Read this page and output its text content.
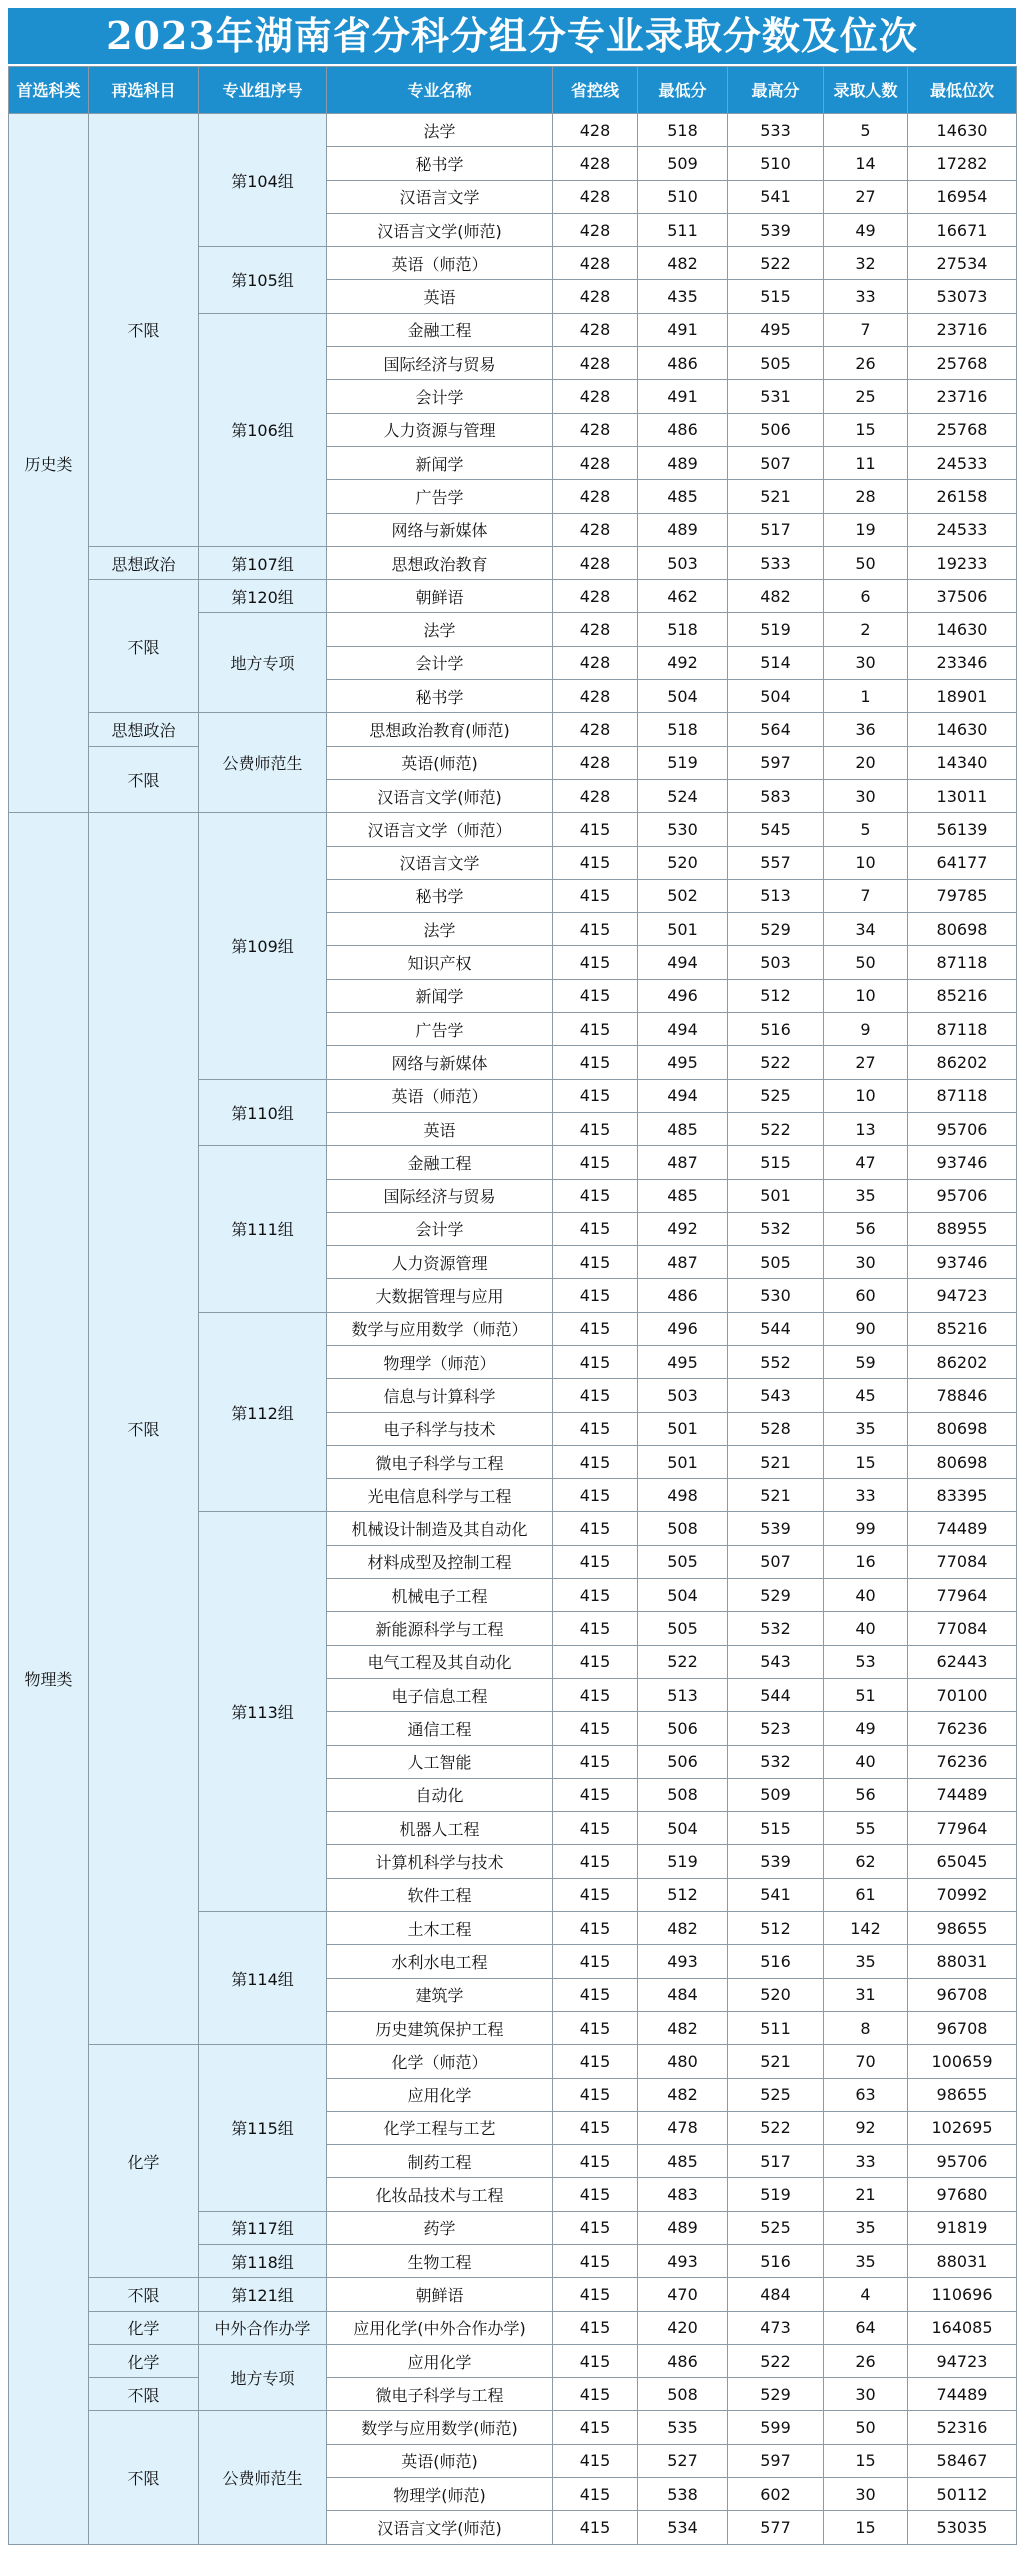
2023年湖南省分科分组分专业录取分数及位次
首选科类	再选科目	专业组序号	专业名称	省控线	最低分	最高分	录取人数	最低位次
历史类	不限	第104组	法学	428	518	533	5	14630
			秘书学	428	509	510	14	17282
			汉语言文学	428	510	541	27	16954
			汉语言文学(师范)	428	511	539	49	16671
		第105组	英语（师范）	428	482	522	32	27534
			英语	428	435	515	33	53073
		第106组	金融工程	428	491	495	7	23716
			国际经济与贸易	428	486	505	26	25768
			会计学	428	491	531	25	23716
			人力资源与管理	428	486	506	15	25768
			新闻学	428	489	507	11	24533
			广告学	428	485	521	28	26158
			网络与新媒体	428	489	517	19	24533
	思想政治	第107组	思想政治教育	428	503	533	50	19233
	不限	第120组	朝鲜语	428	462	482	6	37506
		地方专项	法学	428	518	519	2	14630
			会计学	428	492	514	30	23346
			秘书学	428	504	504	1	18901
	思想政治	公费师范生	思想政治教育(师范)	428	518	564	36	14630
	不限		英语(师范)	428	519	597	20	14340
			汉语言文学(师范)	428	524	583	30	13011
物理类	不限	第109组	汉语言文学（师范）	415	530	545	5	56139
			汉语言文学	415	520	557	10	64177
			秘书学	415	502	513	7	79785
			法学	415	501	529	34	80698
			知识产权	415	494	503	50	87118
			新闻学	415	496	512	10	85216
			广告学	415	494	516	9	87118
			网络与新媒体	415	495	522	27	86202
		第110组	英语（师范）	415	494	525	10	87118
			英语	415	485	522	13	95706
		第111组	金融工程	415	487	515	47	93746
			国际经济与贸易	415	485	501	35	95706
			会计学	415	492	532	56	88955
			人力资源管理	415	487	505	30	93746
			大数据管理与应用	415	486	530	60	94723
		第112组	数学与应用数学（师范）	415	496	544	90	85216
			物理学（师范）	415	495	552	59	86202
			信息与计算科学	415	503	543	45	78846
			电子科学与技术	415	501	528	35	80698
			微电子科学与工程	415	501	521	15	80698
			光电信息科学与工程	415	498	521	33	83395
		第113组	机械设计制造及其自动化	415	508	539	99	74489
			材料成型及控制工程	415	505	507	16	77084
			机械电子工程	415	504	529	40	77964
			新能源科学与工程	415	505	532	40	77084
			电气工程及其自动化	415	522	543	53	62443
			电子信息工程	415	513	544	51	70100
			通信工程	415	506	523	49	76236
			人工智能	415	506	532	40	76236
			自动化	415	508	509	56	74489
			机器人工程	415	504	515	55	77964
			计算机科学与技术	415	519	539	62	65045
			软件工程	415	512	541	61	70992
		第114组	土木工程	415	482	512	142	98655
			水利水电工程	415	493	516	35	88031
			建筑学	415	484	520	31	96708
			历史建筑保护工程	415	482	511	8	96708
	化学	第115组	化学（师范）	415	480	521	70	100659
			应用化学	415	482	525	63	98655
			化学工程与工艺	415	478	522	92	102695
			制药工程	415	485	517	33	95706
			化妆品技术与工程	415	483	519	21	97680
		第117组	药学	415	489	525	35	91819
		第118组	生物工程	415	493	516	35	88031
	不限	第121组	朝鲜语	415	470	484	4	110696
	化学	中外合作办学	应用化学(中外合作办学)	415	420	473	64	164085
	化学	地方专项	应用化学	415	486	522	26	94723
	不限		微电子科学与工程	415	508	529	30	74489
	不限	公费师范生	数学与应用数学(师范)	415	535	599	50	52316
			英语(师范)	415	527	597	15	58467
			物理学(师范)	415	538	602	30	50112
			汉语言文学(师范)	415	534	577	15	53035
